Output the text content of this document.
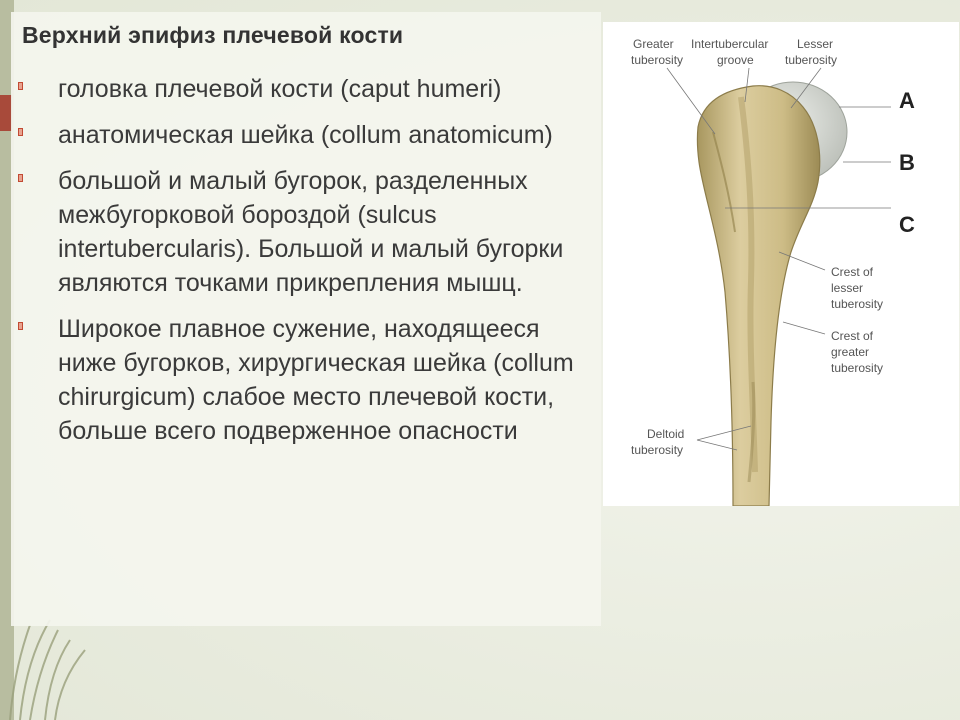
Верхний эпифиз плечевой кости
головка плечевой кости (caput humeri)
анатомическая шейка (collum anatomicum)
большой и малый бугорок, разделенных межбугорковой бороздой (sulcus intertubercularis). Большой и малый бугорки являются точками прикрепления мышц.
Широкое плавное сужение, находящееся ниже бугорков, хирургическая шейка (collum chirurgicum) слабое место плечевой кости, больше всего подверженное опасности
Greater
tuberosity
Intertubercular
groove
Lesser
tuberosity
A
B
C
Crest of
lesser
tuberosity
Crest of
greater
tuberosity
Deltoid
tuberosity
